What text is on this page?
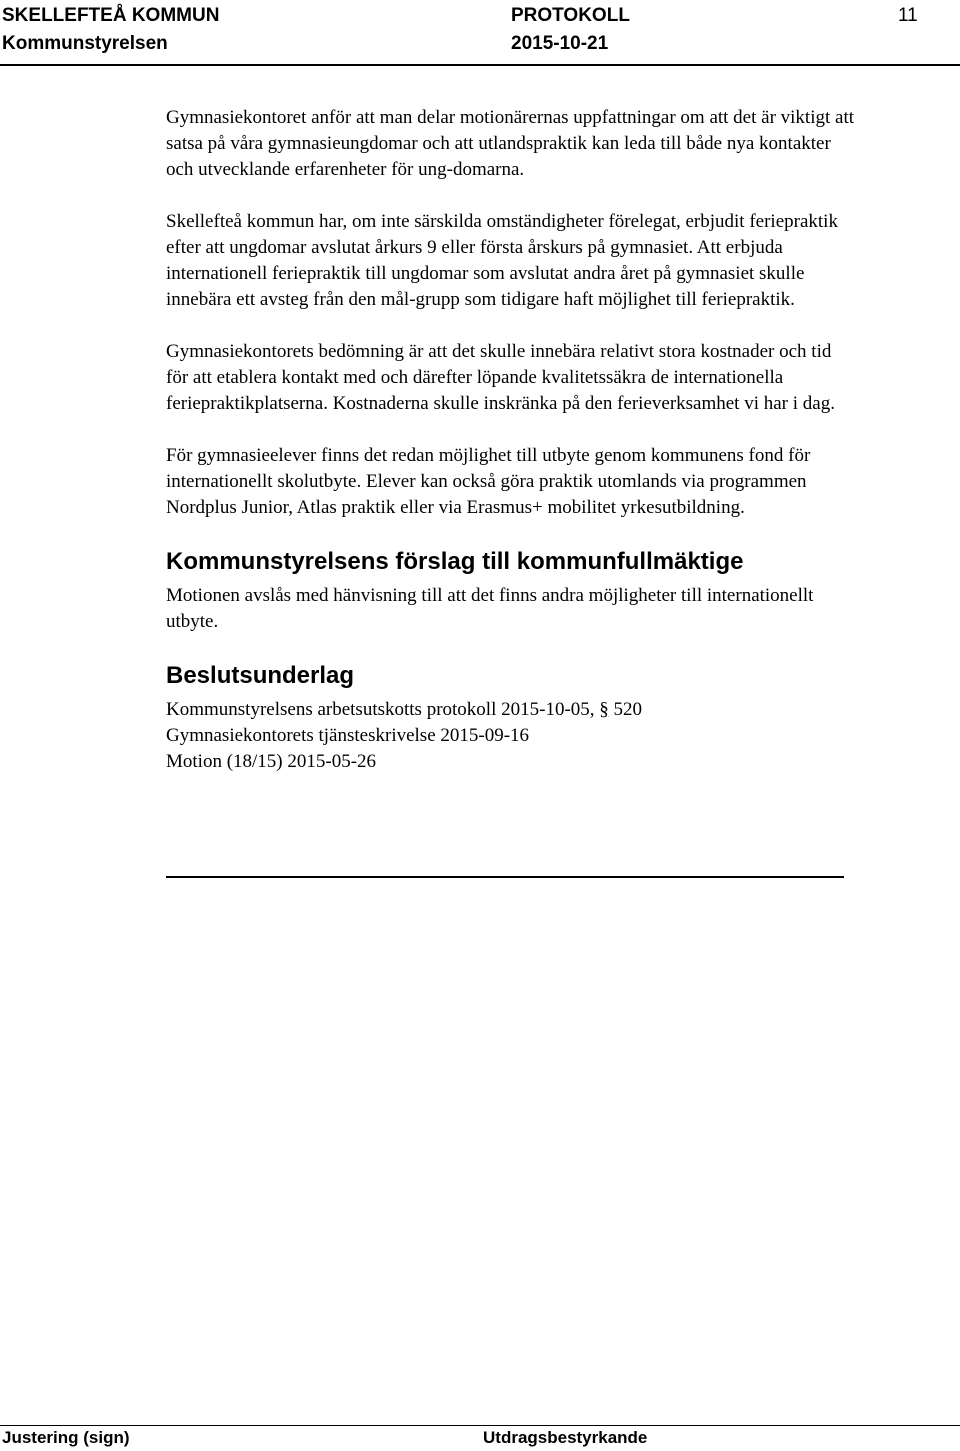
SKELLEFTEÅ KOMMUN
Kommunstyrelsen
PROTOKOLL
2015-10-21
11

Gymnasiekontoret anför att man delar motionärernas uppfattningar om att det är viktigt att satsa på våra gymnasieungdomar och att utlandspraktik kan leda till både nya kontakter och utvecklande erfarenheter för ung-domarna.

Skellefteå kommun har, om inte särskilda omständigheter förelegat, erbjudit feriepraktik efter att ungdomar avslutat årkurs 9 eller första årskurs på gymnasiet. Att erbjuda internationell feriepraktik till ungdomar som avslutat andra året på gymnasiet skulle innebära ett avsteg från den mål-grupp som tidigare haft möjlighet till feriepraktik.

Gymnasiekontorets bedömning är att det skulle innebära relativt stora kostnader och tid för att etablera kontakt med och därefter löpande kvalitetssäkra de internationella feriepraktikplatserna. Kostnaderna skulle inskränka på den ferieverksamhet vi har i dag.

För gymnasieelever finns det redan möjlighet till utbyte genom kommunens fond för internationellt skolutbyte. Elever kan också göra praktik utomlands via programmen Nordplus Junior, Atlas praktik eller via Erasmus+ mobilitet yrkesutbildning.

Kommunstyrelsens förslag till kommunfullmäktige

Motionen avslås med hänvisning till att det finns andra möjligheter till internationellt utbyte.

Beslutsunderlag
Kommunstyrelsens arbetsutskotts protokoll 2015-10-05, § 520
Gymnasiekontorets tjänsteskrivelse 2015-09-16
Motion (18/15) 2015-05-26
Justering (sign)	Utdragsbestyrkande
